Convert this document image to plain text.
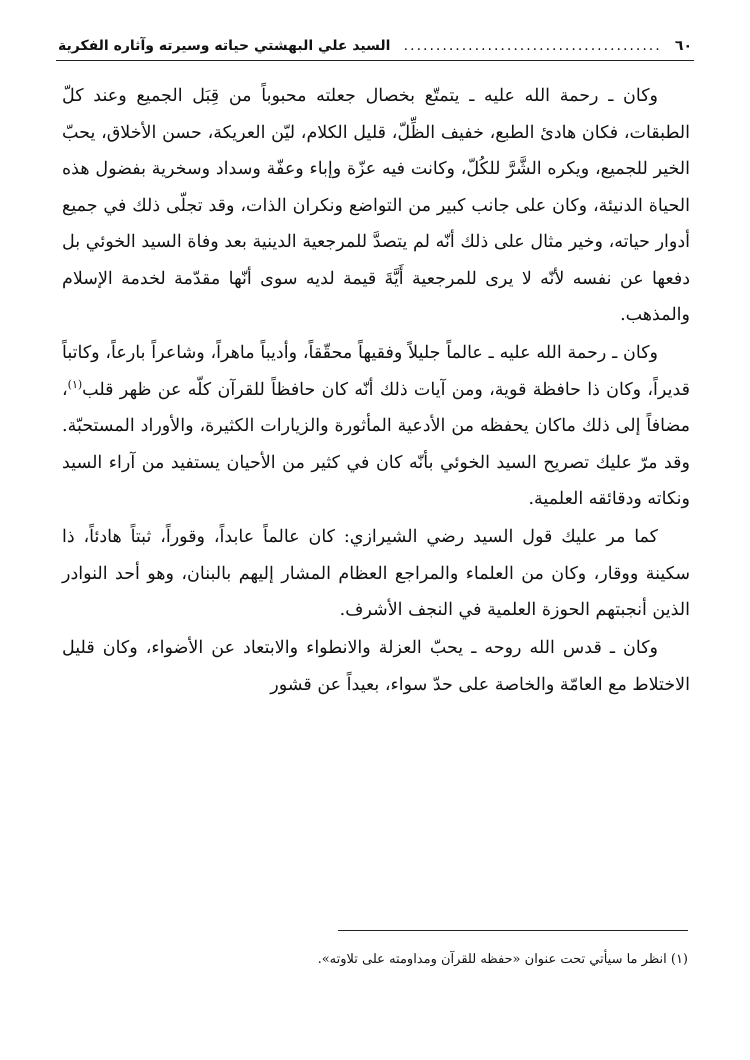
٦٠
........................................
السيد علي البهشتي حياته وسيرته وآثاره الفكرية

وكان ـ رحمة الله عليه ـ يتمتّع بخصال جعلته محبوباً من قِبَل الجميع وعند كلّ الطبقات، فكان هادئ الطبع، خفيف الظِّلّ، قليل الكلام، ليّن العريكة، حسن الأخلاق، يحبّ الخير للجميع، ويكره الشَّرَّ للكُلّ، وكانت فيه عزّة وإباء وعفّة وسداد وسخرية بفضول هذه الحياة الدنيئة، وكان على جانب كبير من التواضع ونكران الذات، وقد تجلّى ذلك في جميع أدوار حياته، وخير مثال على ذلك أنّه لم يتصدَّ للمرجعية الدينية بعد وفاة السيد الخوئي بل دفعها عن نفسه لأنّه لا يرى للمرجعية أَيَّةَ قيمة لديه سوى أنّها مقدّمة لخدمة الإسلام والمذهب.

وكان ـ رحمة الله عليه ـ عالماً جليلاً وفقيهاً محقّقاً، وأديباً ماهراً، وشاعراً بارعاً، وكاتباً قديراً، وكان ذا حافظة قوية، ومن آيات ذلك أنّه كان حافظاً للقرآن كلّه عن ظهر قلب$^{(١)}$، مضافاً إلى ذلك ماكان يحفظه من الأدعية المأثورة والزيارات الكثيرة، والأوراد المستحبّة. وقد مرّ عليك تصريح السيد الخوئي بأنّه كان في كثير من الأحيان يستفيد من آراء السيد ونكاته ودقائقه العلمية.

كما مر عليك قول السيد رضي الشيرازي: كان عالماً عابداً، وقوراً، ثبتاً هادئاً، ذا سكينة ووقار، وكان من العلماء والمراجع العظام المشار إليهم بالبنان، وهو أحد النوادر الذين أنجبتهم الحوزة العلمية في النجف الأشرف.

وكان ـ قدس الله روحه ـ يحبّ العزلة والانطواء والابتعاد عن الأضواء، وكان قليل الاختلاط مع العامّة والخاصة على حدّ سواء، بعيداً عن قشور

(١) انظر ما سيأتي تحت عنوان «حفظه للقرآن ومداومته على تلاوته».
